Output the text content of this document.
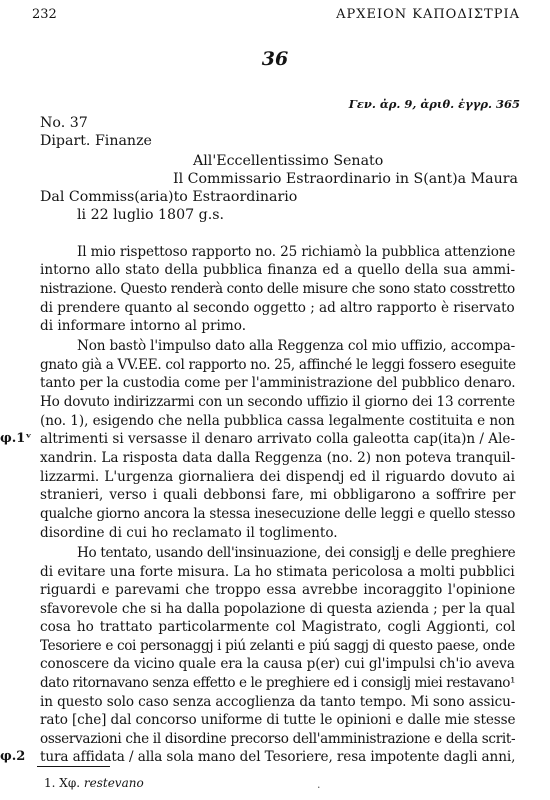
232	ΑΡΧΕΙΟΝ ΚΑΠΟΔΙΣΤΡΙΑ
36
Γεν. ἀρ. 9, ἀριθ. ἐγγρ. 365
No. 37
Dipart. Finanze
All'Eccellentissimo Senato
Il Commissario Estraordinario in S(ant)a Maura
Dal Commiss(aria)to Estraordinario
li 22 luglio 1807 g.s.
Il mio rispettoso rapporto no. 25 richiamò la pubblica attenzione
intorno allo stato della pubblica finanza ed a quello della sua ammi-
nistrazione. Questo renderà conto delle misure che sono stato cosstretto
di prendere quanto al secondo oggetto ; ad altro rapporto è riservato
di informare intorno al primo.
Non bastò l'impulso dato alla Reggenza col mio uffizio, accompa-
gnato già a VV.EE. col rapporto no. 25, affinché le leggi fossero eseguite
tanto per la custodia come per l'amministrazione del pubblico denaro.
Ho dovuto indirizzarmi con un secondo uffizio il giorno dei 13 corrente
(no. 1), esigendo che nella pubblica cassa legalmente costituita e non
altrimenti si versasse il denaro arrivato colla galeotta cap(ita)n / Ale-
xandrin. La risposta data dalla Reggenza (no. 2) non poteva tranquil-
lizzarmi. L'urgenza giornaliera dei dispendj ed il riguardo dovuto ai
stranieri, verso i quali debbonsi fare, mi obbligarono a soffrire per
qualche giorno ancora la stessa inesecuzione delle leggi e quello stesso
disordine di cui ho reclamato il toglimento.
Ho tentato, usando dell'insinuazione, dei consiglj e delle preghiere
di evitare una forte misura. La ho stimata pericolosa a molti pubblici
riguardi e parevami che troppo essa avrebbe incoraggito l'opinione
sfavorevole che si ha dalla popolazione di questa azienda ; per la qual
cosa ho trattato particolarmente col Magistrato, cogli Aggionti, col
Tesoriere e coi personaggj i piú zelanti e piú saggj di questo paese, onde
conoscere da vicino quale era la causa p(er) cui gl'impulsi ch'io aveva
dato ritornavano senza effetto e le preghiere ed i consiglj miei restavano¹
in questo solo caso senza accoglienza da tanto tempo. Mi sono assicu-
rato [che] dal concorso uniforme di tutte le opinioni e dalle mie stesse
osservazioni che il disordine precorso dell'amministrazione e della scrit-
tura affidata / alla sola mano del Tesoriere, resa impotente dagli anni,
φ.1ᵛ
φ.2
1. Χφ. restevano	·
